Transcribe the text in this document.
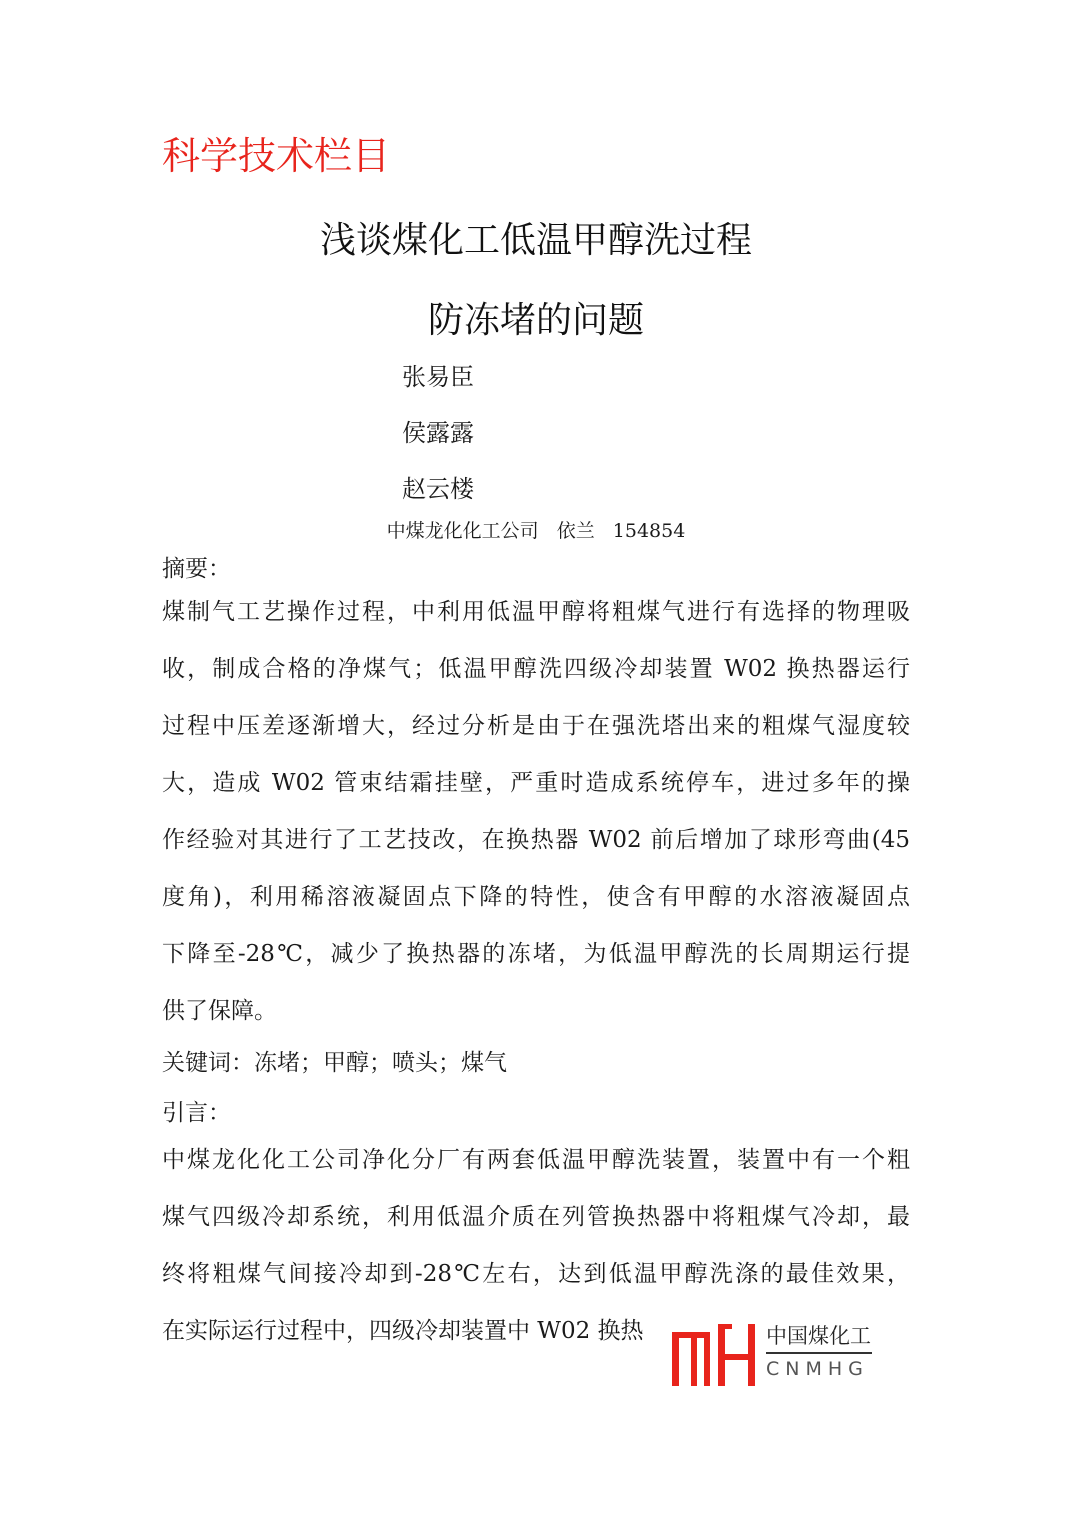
科学技术栏目
浅谈煤化工低温甲醇洗过程
防冻堵的问题
张易臣
侯露露
赵云楼
中煤龙化化工公司 依兰 154854
摘要：
煤制气工艺操作过程，中利用低温甲醇将粗煤气进行有选择的物理吸
收，制成合格的净煤气；低温甲醇洗四级冷却装置 W02 换热器运行
过程中压差逐渐增大，经过分析是由于在强洗塔出来的粗煤气湿度较
大，造成 W02 管束结霜挂壁，严重时造成系统停车，进过多年的操
作经验对其进行了工艺技改，在换热器 W02 前后增加了球形弯曲(45
度角)，利用稀溶液凝固点下降的特性，使含有甲醇的水溶液凝固点
下降至-28℃，减少了换热器的冻堵，为低温甲醇洗的长周期运行提
供了保障。
关键词：冻堵；甲醇；喷头；煤气
引言：
中煤龙化化工公司净化分厂有两套低温甲醇洗装置，装置中有一个粗
煤气四级冷却系统，利用低温介质在列管换热器中将粗煤气冷却，最
终将粗煤气间接冷却到-28℃左右，达到低温甲醇洗涤的最佳效果，
在实际运行过程中，四级冷却装置中 W02 换热	中国煤化工
CNMHG
